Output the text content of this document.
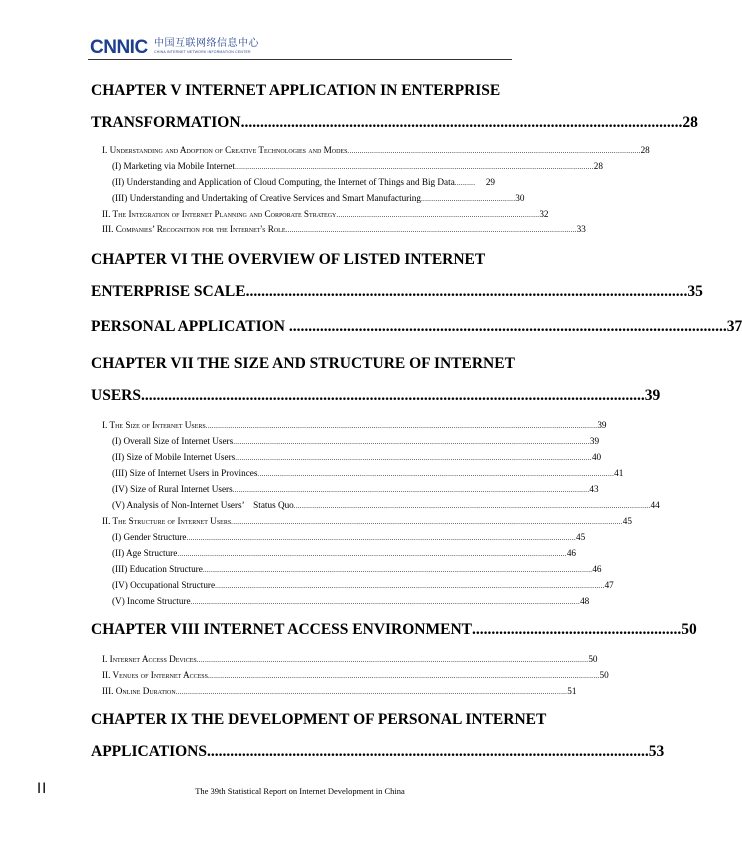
CNNIC 中国互联网络信息中心
CHINA INTERNET NETWORK INFORMATION CENTER
CHAPTER V INTERNET APPLICATION IN ENTERPRISE
TRANSFORMATION .................................................................................................................. 28
I. Understanding and Adoption of Creative Technologies and Modes ............................................................................................................................................... 28
(I) Marketing via Mobile Internet ............................................................................................................................................................................... 28
(II) Understanding and Application of Cloud Computing, the Internet of Things and Big Data ..........	29
(III) Understanding and Undertaking of Creative Services and Smart Manufacturing .............................................. 30
II. The Integration of Internet Planning and Corporate Strategy ................................................................................................... 32
III. Companies’ Recognition for the Internet's Role .............................................................................................................................................. 33
CHAPTER VI THE OVERVIEW OF LISTED INTERNET
ENTERPRISE SCALE .................................................................................................................. 35
PERSONAL APPLICATION ................................................................................................................. 37
CHAPTER VII THE SIZE AND STRUCTURE OF INTERNET
USERS .................................................................................................................................. 39
I. The Size of Internet Users ............................................................................................................................................................................................... 39
(I) Overall Size of Internet Users .............................................................................................................................................................................. 39
(II) Size of Mobile Internet Users .............................................................................................................................................................................. 40
(III) Size of Internet Users in Provinces .............................................................................................................................................................................. 41
(IV) Size of Rural Internet Users .............................................................................................................................................................................. 43
(V) Analysis of Non-Internet Users’　Status Quo .............................................................................................................................................................................. 44
II. The Structure of Internet Users ............................................................................................................................................................................................... 45
(I) Gender Structure .............................................................................................................................................................................................. 45
(II) Age Structure .............................................................................................................................................................................................. 46
(III) Education Structure .............................................................................................................................................................................................. 46
(IV) Occupational Structure .............................................................................................................................................................................................. 47
(V) Income Structure .............................................................................................................................................................................................. 48
CHAPTER VIII INTERNET ACCESS ENVIRONMENT ...................................................... 50
I. Internet Access Devices ............................................................................................................................................................................................... 50
II. Venues of Internet Access ............................................................................................................................................................................................... 50
III. Online Duration ............................................................................................................................................................................................... 51
CHAPTER IX THE DEVELOPMENT OF PERSONAL INTERNET
APPLICATIONS .................................................................................................................. 53
II	The 39th Statistical Report on Internet Development in China
